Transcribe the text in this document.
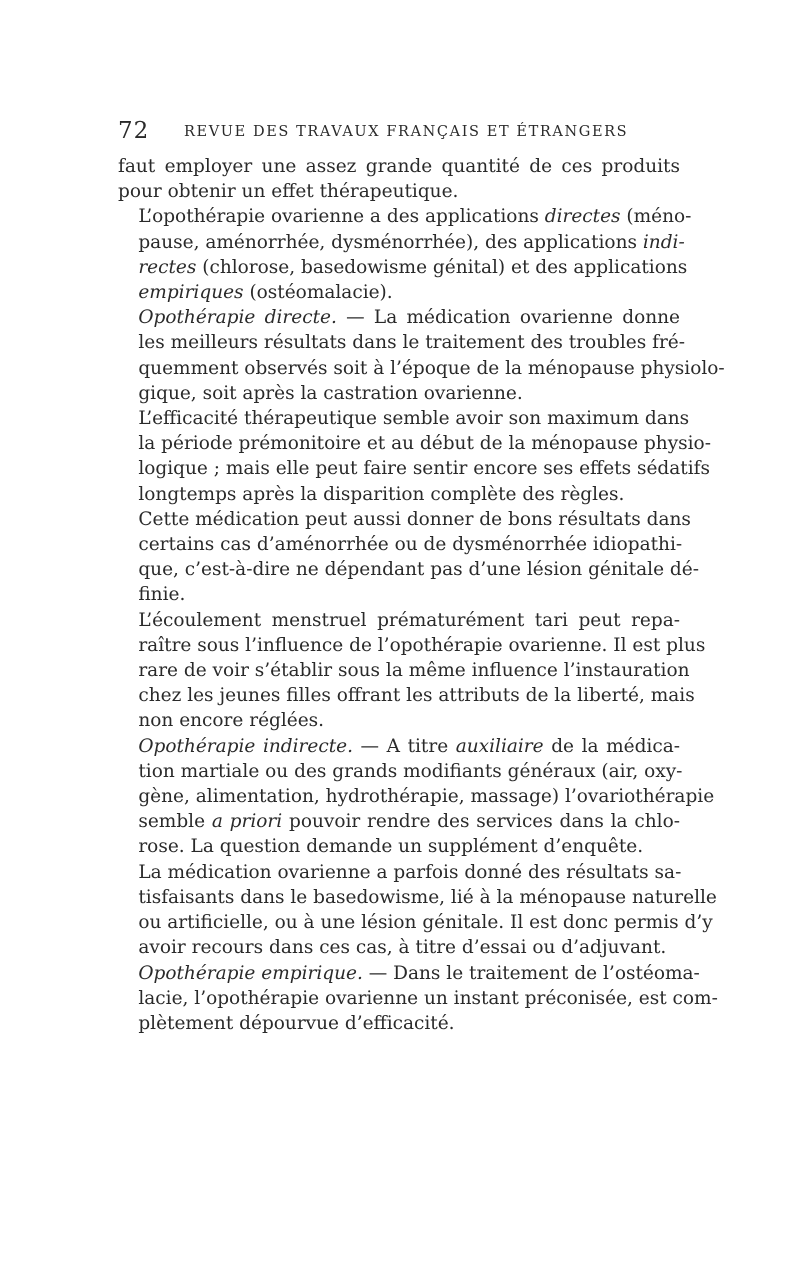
72 REVUE DES TRAVAUX FRANÇAIS ET ÉTRANGERS

faut employer une assez grande quantité de ces produits
pour obtenir un effet thérapeutique.

L’opothérapie ovarienne a des applications directes (méno-
pause, aménorrhée, dysménorrhée), des applications indi-
rectes (chlorose, basedowisme génital) et des applications
empiriques (ostéomalacie).

Opothérapie directe. — La médication ovarienne donne
les meilleurs résultats dans le traitement des troubles fré-
quemment observés soit à l’époque de la ménopause physiolo-
gique, soit après la castration ovarienne.

L’efficacité thérapeutique semble avoir son maximum dans
la période prémonitoire et au début de la ménopause physio-
logique ; mais elle peut faire sentir encore ses effets sédatifs
longtemps après la disparition complète des règles.

Cette médication peut aussi donner de bons résultats dans
certains cas d’aménorrhée ou de dysménorrhée idiopathi-
que, c’est-à-dire ne dépendant pas d’une lésion génitale dé-
finie.

L’écoulement menstruel prématurément tari peut repa-
raître sous l’influence de l’opothérapie ovarienne. Il est plus
rare de voir s’établir sous la même influence l’instauration
chez les jeunes filles offrant les attributs de la liberté, mais
non encore réglées.

Opothérapie indirecte. — A titre auxiliaire de la médica-
tion martiale ou des grands modifiants généraux (air, oxy-
gène, alimentation, hydrothérapie, massage) l’ovariothérapie
semble a priori pouvoir rendre des services dans la chlo-
rose. La question demande un supplément d’enquête.

La médication ovarienne a parfois donné des résultats sa-
tisfaisants dans le basedowisme, lié à la ménopause naturelle
ou artificielle, ou à une lésion génitale. Il est donc permis d’y
avoir recours dans ces cas, à titre d’essai ou d’adjuvant.

Opothérapie empirique. — Dans le traitement de l’ostéoma-
lacie, l’opothérapie ovarienne un instant préconisée, est com-
plètement dépourvue d’efficacité.
